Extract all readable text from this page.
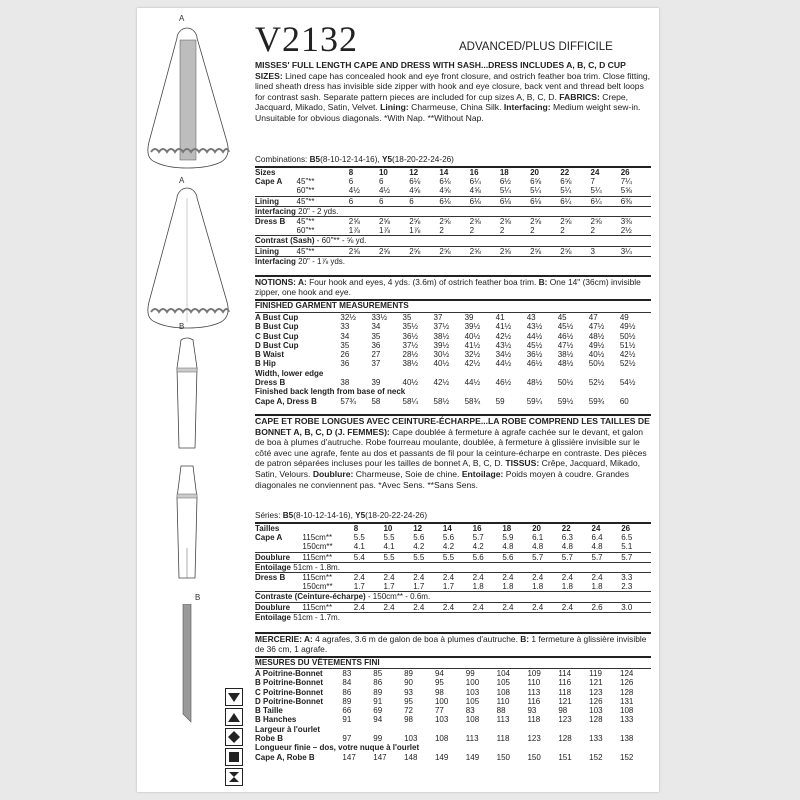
A
A
B
B
V2132	ADVANCED/PLUS DIFFICILE
MISSES' FULL LENGTH CAPE AND DRESS WITH SASH...DRESS INCLUDES A, B, C, D CUP SIZES: Lined cape has concealed hook and eye front closure, and ostrich feather boa trim. Close fitting, lined sheath dress has invisible side zipper with hook and eye closure, back vent and thread belt loops for contrast sash. Separate pattern pieces are included for cup sizes A, B, C, D. FABRICS: Crepe, Jacquard, Mikado, Satin, Velvet. Lining: Charmeuse, China Silk. Interfacing: Medium weight sew-in. Unsuitable for obvious diagonals. *With Nap. **Without Nap.
Combinations: B5(8-10-12-14-16), Y5(18-20-22-24-26)
Sizes		8	10	12	14	16	18	20	22	24	26
Cape A	45"**	6	6	6⅛	6⅛	6¼	6½	6⅝	6⅝	7	7¼
	60"**	4½	4½	4⅝	4⅝	4⅝	5¼	5¼	5¼	5¼	5⅝
Lining	45"**	6	6	6	6⅛	6⅛	6⅛	6⅛	6¼	6¼	6⅜
Interfacing 20" - 2 yds.											
Dress B	45"**	2⅝	2⅝	2⅝	2⅝	2⅝	2⅝	2⅝	2⅝	2⅝	3⅜
	60"**	1⅞	1⅞	1⅞	2	2	2	2	2	2	2½
Contrast (Sash) - 60"** - ⅝ yd.											
Lining	45"**	2⅝	2⅝	2⅝	2⅝	2⅝	2⅝	2⅝	2⅝	3	3¼
Interfacing 20" - 1⅞ yds.											
NOTIONS: A: Four hook and eyes, 4 yds. (3.6m) of ostrich feather boa trim. B: One 14" (36cm) invisible zipper, one hook and eye.
FINISHED GARMENT MEASUREMENTS
A Bust Cup	32½	33½	35	37	39	41	43	45	47	49
B Bust Cup	33	34	35½	37½	39½	41½	43½	45½	47½	49½
C Bust Cup	34	35	36½	38½	40½	42½	44½	46½	48½	50½
D Bust Cup	35	36	37½	39½	41½	43½	45½	47½	49½	51½
B Waist	26	27	28½	30½	32½	34½	36½	38½	40½	42½
B Hip	36	37	38½	40½	42½	44½	46½	48½	50½	52½
Width, lower edge										
Dress B	38	39	40½	42½	44½	46½	48½	50½	52½	54½
Finished back length from base of neck										
Cape A, Dress B	57¾	58	58¼	58½	58¾	59	59¼	59½	59¾	60
CAPE ET ROBE LONGUES AVEC CEINTURE-ÉCHARPE...LA ROBE COMPREND LES TAILLES DE BONNET A, B, C, D (J. FEMMES): Cape doublée à fermeture à agrafe cachée sur le devant, et galon de boa à plumes d'autruche. Robe fourreau moulante, doublée, à fermeture à glissière invisible sur le côté avec une agrafe, fente au dos et passants de fil pour la ceinture-écharpe en contraste. Des pièces de patron séparées incluses pour les tailles de bonnet A, B, C, D. TISSUS: Crêpe, Jacquard, Mikado, Satin, Velours. Doublure: Charmeuse, Soie de chine. Entoilage: Poids moyen à coudre. Grandes diagonales ne conviennent pas. *Avec Sens. **Sans Sens.
Séries: B5(8-10-12-14-16), Y5(18-20-22-24-26)
Tailles		8	10	12	14	16	18	20	22	24	26
Cape A	115cm**	5.5	5.5	5.6	5.6	5.7	5.9	6.1	6.3	6.4	6.5
	150cm**	4.1	4.1	4.2	4.2	4.2	4.8	4.8	4.8	4.8	5.1
Doublure	115cm**	5.4	5.5	5.5	5.5	5.6	5.6	5.7	5.7	5.7	5.7
Entoilage 51cm - 1.8m.											
Dress B	115cm**	2.4	2.4	2.4	2.4	2.4	2.4	2.4	2.4	2.4	3.3
	150cm**	1.7	1.7	1.7	1.7	1.8	1.8	1.8	1.8	1.8	2.3
Contraste (Ceinture-écharpe) - 150cm** - 0.6m.											
Doublure	115cm**	2.4	2.4	2.4	2.4	2.4	2.4	2.4	2.4	2.6	3.0
Entoilage 51cm - 1.7m.											
MERCERIE: A: 4 agrafes, 3.6 m de galon de boa à plumes d'autruche. B: 1 fermeture à glissière invisible de 36 cm, 1 agrafe.
MESURES DU VÊTEMENTS FINI
A Poitrine-Bonnet	83	85	89	94	99	104	109	114	119	124
B Poitrine-Bonnet	84	86	90	95	100	105	110	116	121	126
C Poitrine-Bonnet	86	89	93	98	103	108	113	118	123	128
D Poitrine-Bonnet	89	91	95	100	105	110	116	121	126	131
B Taille	66	69	72	77	83	88	93	98	103	108
B Hanches	91	94	98	103	108	113	118	123	128	133
Largeur à l'ourlet										
Robe B	97	99	103	108	113	118	123	128	133	138
Longueur finie – dos, votre nuque à l'ourlet										
Cape A, Robe B	147	147	148	149	149	150	150	151	152	152
